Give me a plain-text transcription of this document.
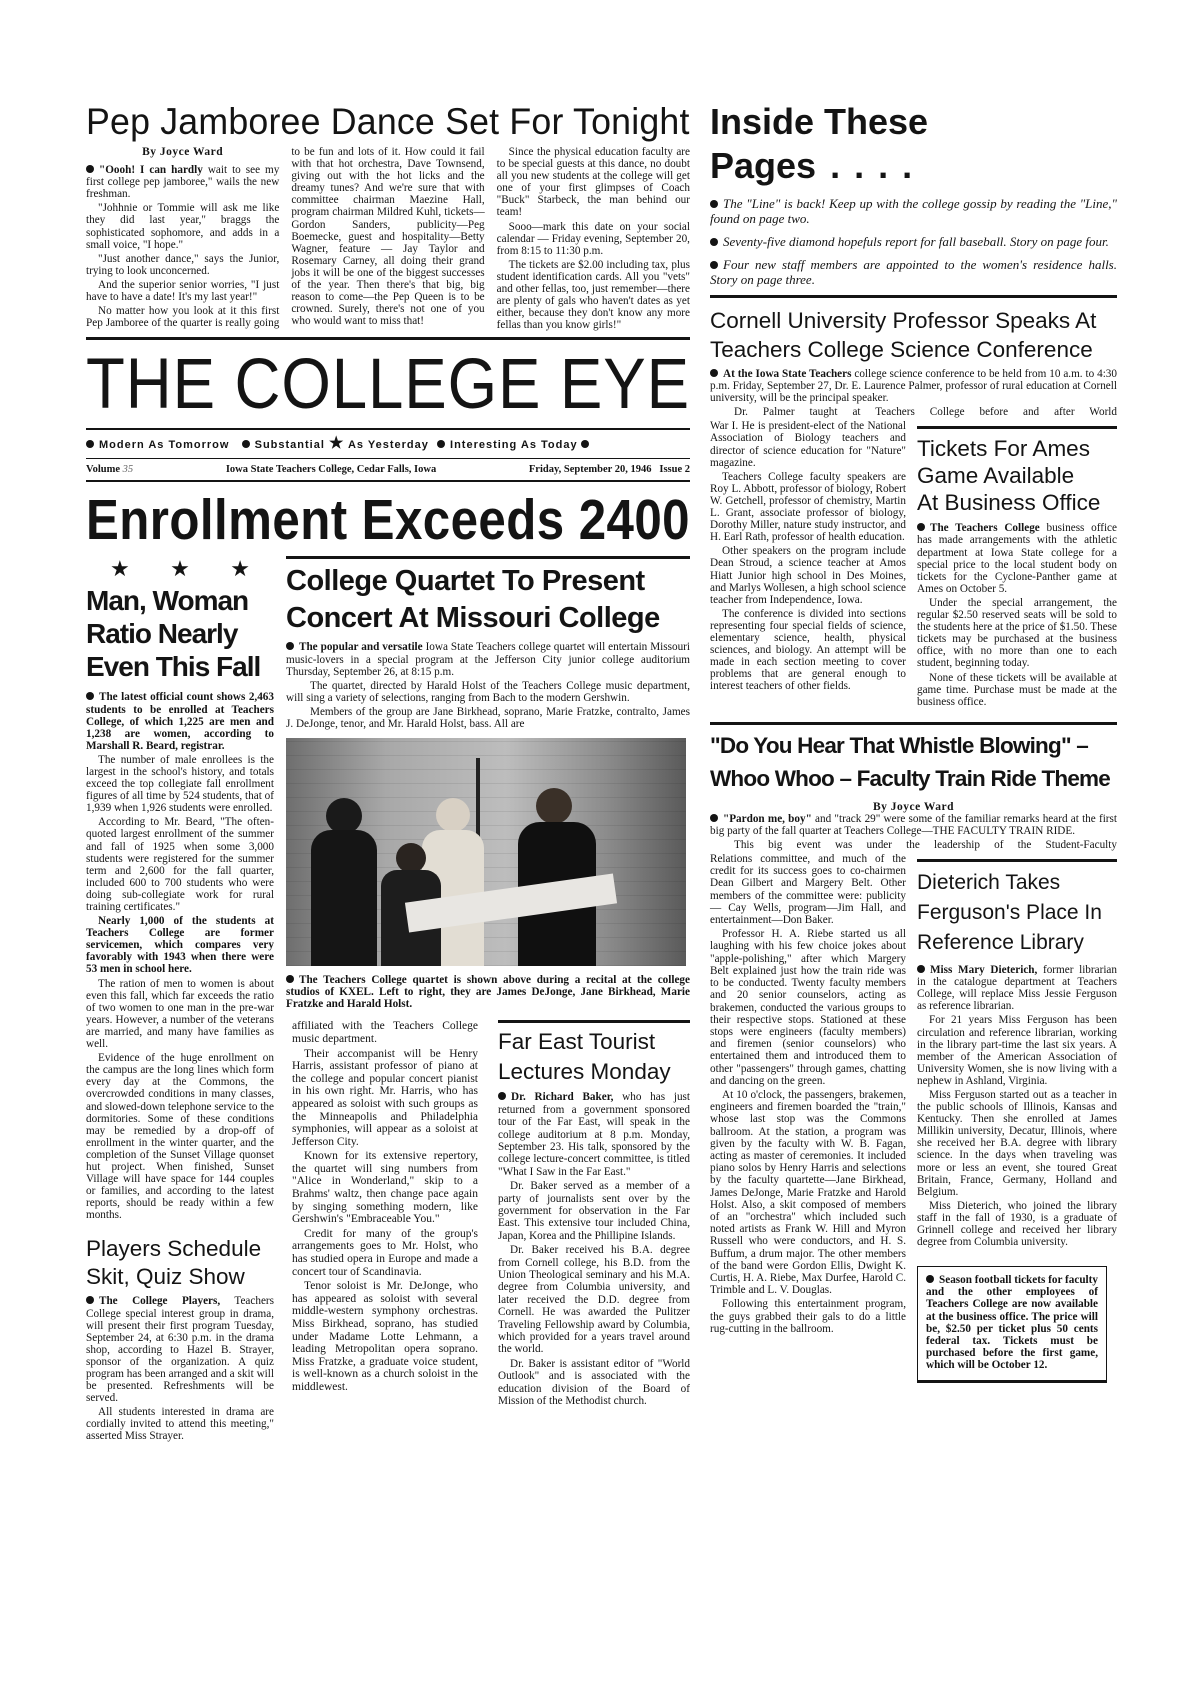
Pep Jamboree Dance Set For Tonight
By Joyce Ward

"Oooh! I can hardly wait to see my first college pep jamboree," wails the new freshman.

"Johhnie or Tommie will ask me like they did last year," braggs the sophisticated sophomore, and adds in a small voice, "I hope."

"Just another dance," says the Junior, trying to look unconcerned.

And the superior senior worries, "I just have to have a date! It's my last year!"

No matter how you look at it this first Pep Jamboree of the quarter is really going to be fun and lots of it. How could it fail with that hot orchestra, Dave Townsend, giving out with the hot licks and the dreamy tunes? And we're sure that with committee chairman Maezine Hall, program chairman Mildred Kuhl, tickets—Gordon Sanders, publicity—Peg Boemecke, guest and hospitality—Betty Wagner, feature — Jay Taylor and Rosemary Carney, all doing their grand jobs it will be one of the biggest successes of the year. Then there's that big, big reason to come—the Pep Queen is to be crowned. Surely, there's not one of you who would want to miss that!

Since the physical education faculty are to be special guests at this dance, no doubt all you new students at the college will get one of your first glimpses of Coach "Buck" Starbeck, the man behind our team!

Sooo—mark this date on your social calendar — Friday evening, September 20, from 8:15 to 11:30 p.m.

The tickets are $2.00 including tax, plus student identification cards. All you "vets" and other fellas, too, just remember—there are plenty of gals who haven't dates as yet either, because they don't know any more fellas than you know girls!"

THE COLLEGE EYE
Modern As Tomorrow Substantial ★ As Yesterday Interesting As Today
Volume 35	Iowa State Teachers College, Cedar Falls, Iowa	Friday, September 20, 1946 Issue 2
Enrollment Exceeds 2400
★ ★ ★
Man, Woman
Ratio Nearly
Even This Fall

The latest official count shows 2,463 students to be enrolled at Teachers College, of which 1,225 are men and 1,238 are women, according to Marshall R. Beard, registrar.

The number of male enrollees is the largest in the school's history, and totals exceed the top collegiate fall enrollment figures of all time by 524 students, that of 1,939 when 1,926 students were enrolled.

According to Mr. Beard, "The often-quoted largest enrollment of the summer and fall of 1925 when some 3,000 students were registered for the summer term and 2,600 for the fall quarter, included 600 to 700 students who were doing sub-collegiate work for rural training certificates."

Nearly 1,000 of the students at Teachers College are former servicemen, which compares very favorably with 1943 when there were 53 men in school here.

The ration of men to women is about even this fall, which far exceeds the ratio of two women to one man in the pre-war years. However, a number of the veterans are married, and many have families as well.

Evidence of the huge enrollment on the campus are the long lines which form every day at the Commons, the overcrowded conditions in many classes, and slowed-down telephone service to the dormitories. Some of these conditions may be remedied by a drop-off of enrollment in the winter quarter, and the completion of the Sunset Village quonset hut project. When finished, Sunset Village will have space for 144 couples or families, and according to the latest reports, should be ready within a few months.

Players Schedule
Skit, Quiz Show

The College Players, Teachers College special interest group in drama, will present their first program Tuesday, September 24, at 6:30 p.m. in the drama shop, according to Hazel B. Strayer, sponsor of the organization. A quiz program has been arranged and a skit will be presented. Refreshments will be served.

All students interested in drama are cordially invited to attend this meeting," asserted Miss Strayer.

College Quartet To Present
Concert At Missouri College

The popular and versatile Iowa State Teachers college quartet will entertain Missouri music-lovers in a special program at the Jefferson City junior college auditorium Thursday, September 26, at 8:15 p.m.

The quartet, directed by Harald Holst of the Teachers College music department, will sing a variety of selections, ranging from Bach to the modern Gershwin.

Members of the group are Jane Birkhead, soprano, Marie Fratzke, contralto, James J. DeJonge, tenor, and Mr. Harald Holst, bass. All are

The Teachers College quartet is shown above during a recital at the college studios of KXEL. Left to right, they are James DeJonge, Jane Birkhead, Marie Fratzke and Harald Holst.

affiliated with the Teachers College music department.

Their accompanist will be Henry Harris, assistant professor of piano at the college and popular concert pianist in his own right. Mr. Harris, who has appeared as soloist with such groups as the Minneapolis and Philadelphia symphonies, will appear as a soloist at Jefferson City.

Known for its extensive repertory, the quartet will sing numbers from "Alice in Wonderland," skip to a Brahms' waltz, then change pace again by singing something modern, like Gershwin's "Embraceable You."

Credit for many of the group's arrangements goes to Mr. Holst, who has studied opera in Europe and made a concert tour of Scandinavia.

Tenor soloist is Mr. DeJonge, who has appeared as soloist with several middle-western symphony orchestras. Miss Birkhead, soprano, has studied under Madame Lotte Lehmann, a leading Metropolitan opera soprano. Miss Fratzke, a graduate voice student, is well-known as a church soloist in the middlewest.

Far East Tourist
Lectures Monday

Dr. Richard Baker, who has just returned from a government sponsored tour of the Far East, will speak in the college auditorium at 8 p.m. Monday, September 23. His talk, sponsored by the college lecture-concert committee, is titled "What I Saw in the Far East."

Dr. Baker served as a member of a party of journalists sent over by the government for observation in the Far East. This extensive tour included China, Japan, Korea and the Phillipine Islands.

Dr. Baker received his B.A. degree from Cornell college, his B.D. from the Union Theological seminary and his M.A. degree from Columbia university, and later received the D.D. degree from Cornell. He was awarded the Pulitzer Traveling Fellowship award by Columbia, which provided for a years travel around the world.

Dr. Baker is assistant editor of "World Outlook" and is associated with the education division of the Board of Mission of the Methodist church.

Inside These
Pages . . . .

The "Line" is back! Keep up with the college gossip by reading the "Line," found on page two.

Seventy-five diamond hopefuls report for fall baseball. Story on page four.

Four new staff members are appointed to the women's residence halls. Story on page three.

Cornell University Professor Speaks At
Teachers College Science Conference

At the Iowa State Teachers college science conference to be held from 10 a.m. to 4:30 p.m. Friday, September 27, Dr. E. Laurence Palmer, professor of rural education at Cornell university, will be the principal speaker.

Dr. Palmer taught at Teachers College before and after World

War I. He is president-elect of the National Association of Biology teachers and director of science education for "Nature" magazine.

Teachers College faculty speakers are Roy L. Abbott, professor of biology, Robert W. Getchell, professor of chemistry, Martin L. Grant, associate professor of biology, Dorothy Miller, nature study instructor, and H. Earl Rath, professor of health education.

Other speakers on the program include Dean Stroud, a science teacher at Amos Hiatt Junior high school in Des Moines, and Marlys Wollesen, a high school science teacher from Independence, Iowa.

The conference is divided into sections representing four special fields of science, elementary science, health, physical sciences, and biology. An attempt will be made in each section meeting to cover problems that are general enough to interest teachers of other fields.

Tickets For Ames
Game Available
At Business Office

The Teachers College business office has made arrangements with the athletic department at Iowa State college for a special price to the local student body on tickets for the Cyclone-Panther game at Ames on October 5.

Under the special arrangement, the regular $2.50 reserved seats will be sold to the students here at the price of $1.50. These tickets may be purchased at the business office, with no more than one to each student, beginning today.

None of these tickets will be available at game time. Purchase must be made at the business office.

"Do You Hear That Whistle Blowing" –
Whoo Whoo – Faculty Train Ride Theme
By Joyce Ward

"Pardon me, boy" and "track 29" were some of the familiar remarks heard at the first big party of the fall quarter at Teachers College—THE FACULTY TRAIN RIDE.

This big event was under the leadership of the Student-Faculty

Relations committee, and much of the credit for its success goes to co-chairmen Dean Gilbert and Margery Belt. Other members of the committee were: publicity — Cay Wells, program—Jim Hall, and entertainment—Don Baker.

Professor H. A. Riebe started us all laughing with his few choice jokes about "apple-polishing," after which Margery Belt explained just how the train ride was to be conducted. Twenty faculty members and 20 senior counselors, acting as brakemen, conducted the various groups to their respective stops. Stationed at these stops were engineers (faculty members) and firemen (senior counselors) who entertained them and introduced them to other "passengers" through games, chatting and dancing on the green.

At 10 o'clock, the passengers, brakemen, engineers and firemen boarded the "train," whose last stop was the Commons ballroom. At the station, a program was given by the faculty with W. B. Fagan, acting as master of ceremonies. It included piano solos by Henry Harris and selections by the faculty quartette—Jane Birkhead, James DeJonge, Marie Fratzke and Harold Holst. Also, a skit composed of members of an "orchestra" which included such noted artists as Frank W. Hill and Myron Russell who were conductors, and H. S. Buffum, a drum major. The other members of the band were Gordon Ellis, Dwight K. Curtis, H. A. Riebe, Max Durfee, Harold C. Trimble and L. V. Douglas.

Following this entertainment program, the guys grabbed their gals to do a little rug-cutting in the ballroom.

Dieterich Takes
Ferguson's Place In
Reference Library

Miss Mary Dieterich, former librarian in the catalogue department at Teachers College, will replace Miss Jessie Ferguson as reference librarian.

For 21 years Miss Ferguson has been circulation and reference librarian, working in the library part-time the last six years. A member of the American Association of University Women, she is now living with a nephew in Ashland, Virginia.

Miss Ferguson started out as a teacher in the public schools of Illinois, Kansas and Kentucky. Then she enrolled at James Millikin university, Decatur, Illinois, where she received her B.A. degree with library science. In the days when traveling was more or less an event, she toured Great Britain, France, Germany, Holland and Belgium.

Miss Dieterich, who joined the library staff in the fall of 1930, is a graduate of Grinnell college and received her library degree from Columbia university.

Season football tickets for faculty and the other employees of Teachers College are now available at the business office. The price will be, $2.50 per ticket plus 50 cents federal tax. Tickets must be purchased before the first game, which will be October 12.
